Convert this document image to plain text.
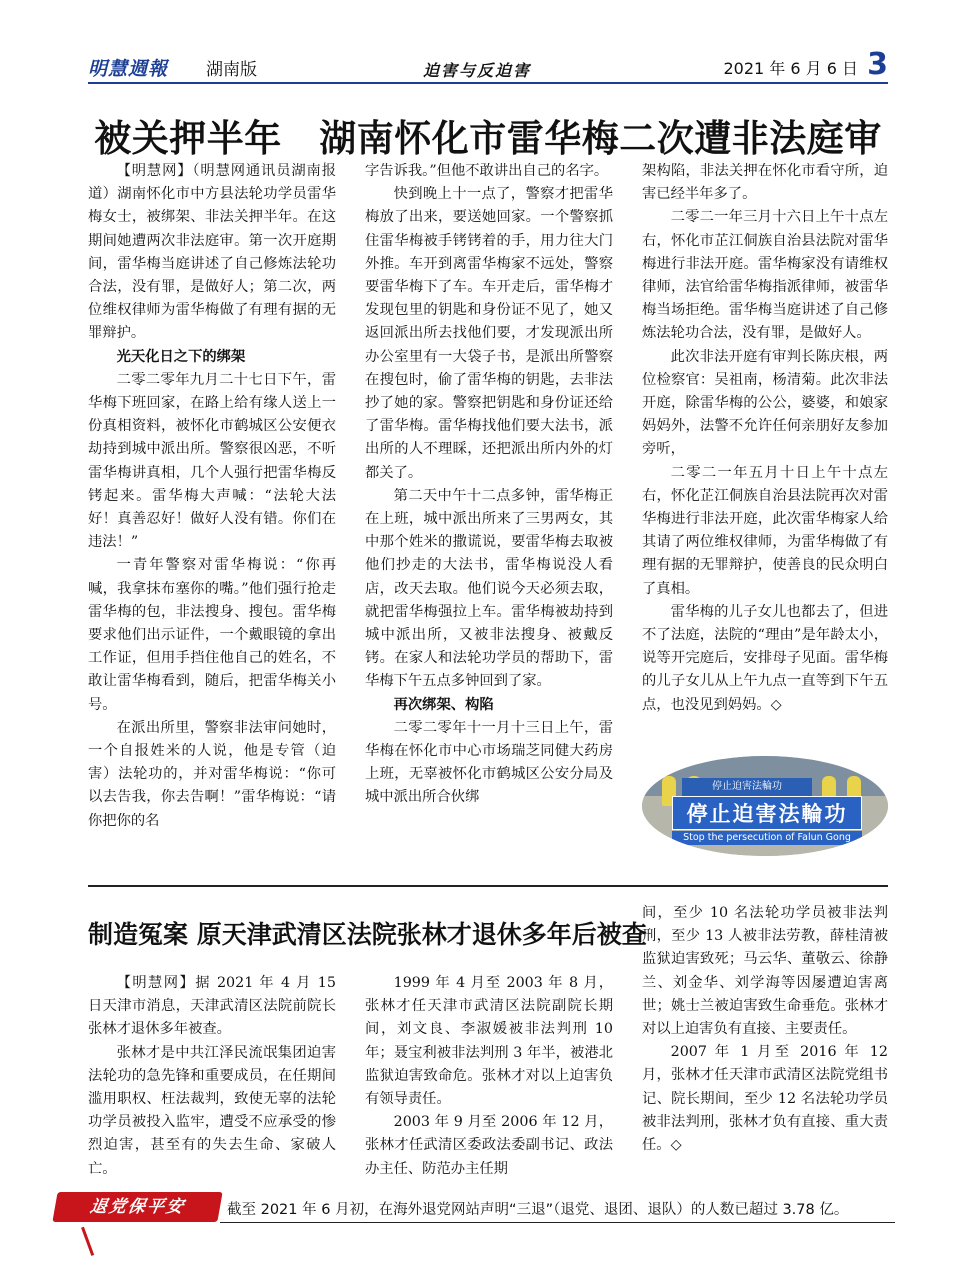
明慧週報 湖南版	迫害与反迫害	2021 年 6 月 6 日 3
被关押半年　湖南怀化市雷华梅二次遭非法庭审

【明慧网】（明慧网通讯员湖南报道）湖南怀化市中方县法轮功学员雷华梅女士，被绑架、非法关押半年。在这期间她遭两次非法庭审。第一次开庭期间，雷华梅当庭讲述了自己修炼法轮功合法，没有罪，是做好人；第二次，两位维权律师为雷华梅做了有理有据的无罪辩护。

光天化日之下的绑架

二零二零年九月二十七日下午，雷华梅下班回家，在路上给有缘人送上一份真相资料，被怀化市鹤城区公安便衣劫持到城中派出所。警察很凶恶，不听雷华梅讲真相，几个人强行把雷华梅反铐起来。雷华梅大声喊：“法轮大法好！真善忍好！做好人没有错。你们在违法！”

一青年警察对雷华梅说：“你再喊，我拿抹布塞你的嘴。”他们强行抢走雷华梅的包，非法搜身、搜包。雷华梅要求他们出示证件，一个戴眼镜的拿出工作证，但用手挡住他自己的姓名，不敢让雷华梅看到，随后，把雷华梅关小号。

在派出所里，警察非法审问她时，一个自报姓米的人说，他是专管（迫害）法轮功的，并对雷华梅说：“你可以去告我，你去告啊！”雷华梅说：“请你把你的名

字告诉我。”但他不敢讲出自己的名字。

快到晚上十一点了，警察才把雷华梅放了出来，要送她回家。一个警察抓住雷华梅被手铐铐着的手，用力往大门外推。车开到离雷华梅家不远处，警察要雷华梅下了车。车开走后，雷华梅才发现包里的钥匙和身份证不见了，她又返回派出所去找他们要，才发现派出所办公室里有一大袋子书，是派出所警察在搜包时，偷了雷华梅的钥匙，去非法抄了她的家。警察把钥匙和身份证还给了雷华梅。雷华梅找他们要大法书，派出所的人不理睬，还把派出所内外的灯都关了。

第二天中午十二点多钟，雷华梅正在上班，城中派出所来了三男两女，其中那个姓米的撒谎说，要雷华梅去取被他们抄走的大法书，雷华梅说没人看店，改天去取。他们说今天必须去取，就把雷华梅强拉上车。雷华梅被劫持到城中派出所，又被非法搜身、被戴反铐。在家人和法轮功学员的帮助下，雷华梅下午五点多钟回到了家。

再次绑架、构陷

二零二零年十一月十三日上午，雷华梅在怀化市中心市场瑞芝同健大药房上班，无辜被怀化市鹤城区公安分局及城中派出所合伙绑

架构陷，非法关押在怀化市看守所，迫害已经半年多了。

二零二一年三月十六日上午十点左右，怀化市芷江侗族自治县法院对雷华梅进行非法开庭。雷华梅家没有请维权律师，法官给雷华梅指派律师，被雷华梅当场拒绝。雷华梅当庭讲述了自己修炼法轮功合法，没有罪，是做好人。

此次非法开庭有审判长陈庆根，两位检察官：吴祖南，杨清菊。此次非法开庭，除雷华梅的公公，婆婆，和娘家妈妈外，法警不允许任何亲朋好友参加旁听，

二零二一年五月十日上午十点左右，怀化芷江侗族自治县法院再次对雷华梅进行非法开庭，此次雷华梅家人给其请了两位维权律师，为雷华梅做了有理有据的无罪辩护，使善良的民众明白了真相。

雷华梅的儿子女儿也都去了，但进不了法庭，法院的“理由”是年龄太小，说等开完庭后，安排母子见面。雷华梅的儿子女儿从上午九点一直等到下午五点，也没见到妈妈。◇

停止迫害法輪功
停止迫害法輪功
Stop the persecution of Falun Gong
制造冤案 原天津武清区法院张林才退休多年后被查

【明慧网】据 2021 年 4 月 15 日天津市消息，天津武清区法院前院长张林才退休多年被查。

张林才是中共江泽民流氓集团迫害法轮功的急先锋和重要成员，在任期间滥用职权、枉法裁判，致使无辜的法轮功学员被投入监牢，遭受不应承受的惨烈迫害，甚至有的失去生命、家破人亡。

1999 年 4 月至 2003 年 8 月，张林才任天津市武清区法院副院长期间，刘文良、李淑媛被非法判刑 10 年；聂宝利被非法判刑 3 年半，被港北监狱迫害致命危。张林才对以上迫害负有领导责任。

2003 年 9 月至 2006 年 12 月，张林才任武清区委政法委副书记、政法办主任、防范办主任期

间，至少 10 名法轮功学员被非法判刑，至少 13 人被非法劳教，薛桂清被监狱迫害致死；马云华、董敬云、徐静兰、刘金华、刘学海等因屡遭迫害离世；姚士兰被迫害致生命垂危。张林才对以上迫害负有直接、主要责任。

2007 年 1 月至 2016 年 12 月，张林才任天津市武清区法院党组书记、院长期间，至少 12 名法轮功学员被非法判刑，张林才负有直接、重大责任。◇

退党保平安	截至 2021 年 6 月初，在海外退党网站声明“三退”（退党、退团、退队）的人数已超过 3.78 亿。
